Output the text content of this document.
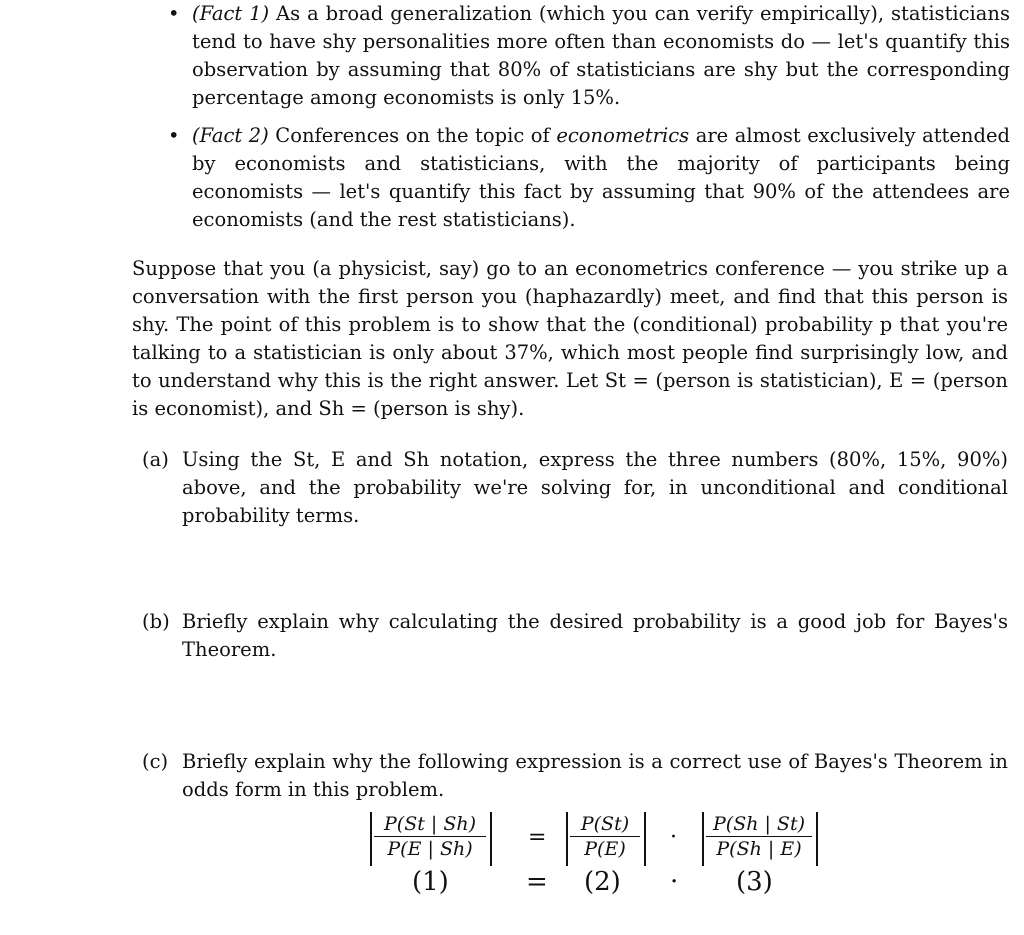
• (Fact 1) As a broad generalization (which you can verify empirically), statisticians tend to have shy personalities more often than economists do — let's quantify this observation by assuming that 80% of statisticians are shy but the corresponding percentage among economists is only 15%.
• (Fact 2) Conferences on the topic of econometrics are almost exclusively attended by economists and statisticians, with the majority of participants being economists — let's quantify this fact by assuming that 90% of the attendees are economists (and the rest statisticians).
Suppose that you (a physicist, say) go to an econometrics conference — you strike up a conversation with the first person you (haphazardly) meet, and find that this person is shy. The point of this problem is to show that the (conditional) probability p that you're talking to a statistician is only about 37%, which most people find surprisingly low, and to understand why this is the right answer. Let St = (person is statistician), E = (person is economist), and Sh = (person is shy).
(a) Using the St, E and Sh notation, express the three numbers (80%, 15%, 90%) above, and the probability we're solving for, in unconditional and conditional probability terms.
(b) Briefly explain why calculating the desired probability is a good job for Bayes's Theorem.
(c) Briefly explain why the following expression is a correct use of Bayes's Theorem in odds form in this problem.
$\frac{P(St | Sh)}{P(E | Sh)} = \frac{P(St)}{P(E)} \cdot \frac{P(Sh | St)}{P(Sh | E)}$
(1)	= (2) · (3)
